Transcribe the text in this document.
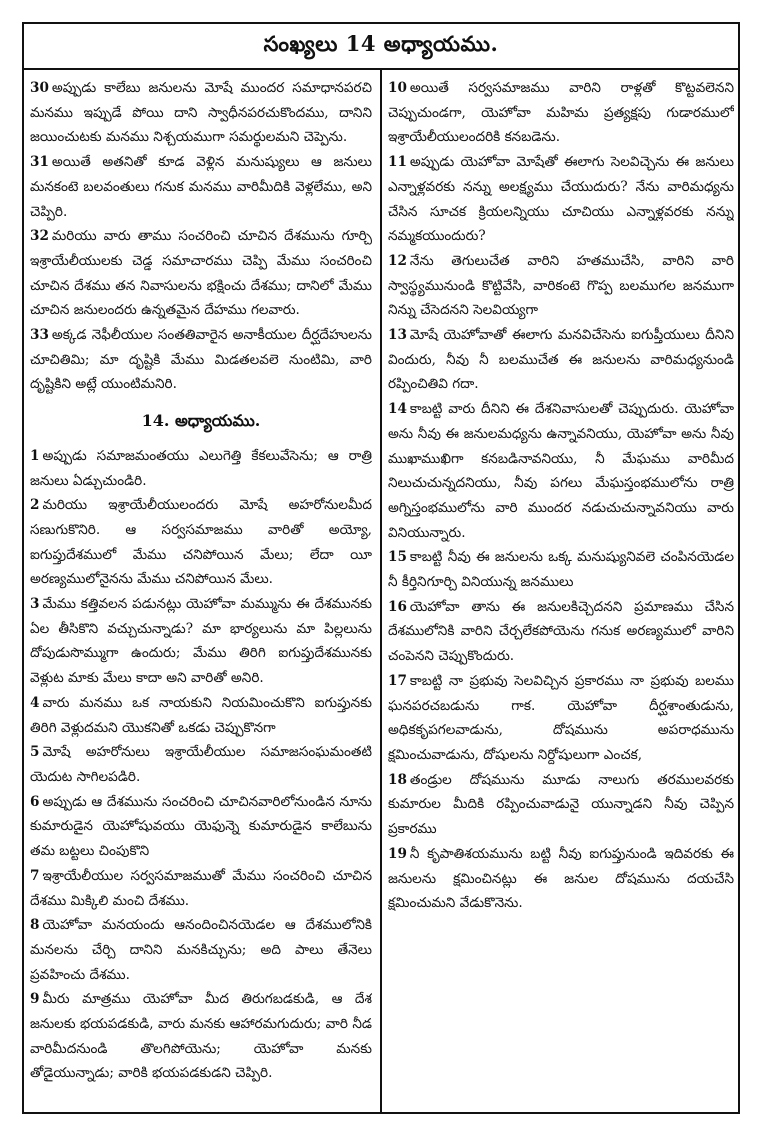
సంఖ్యలు 14 అధ్యాయము.

30 అప్పుడు కాలేబు జనులను మోషే ముందర సమాధానపరచి మనము ఇప్పుడే పోయి దాని స్వాధీనపరచుకొందము, దానిని జయించుటకు మనము నిశ్చయముగా సమర్థులమని చెప్పెను.

31 అయితే అతనితో కూడ వెళ్లిన మనుష్యులు ఆ జనులు మనకంటె బలవంతులు గనుక మనము వారిమీదికి వెళ్లలేము, అని చెప్పిరి.

32 మరియు వారు తాము సంచరించి చూచిన దేశమును గూర్చి ఇశ్రాయేలీయులకు చెడ్డ సమాచారము చెప్పి మేము సంచరించి చూచిన దేశము తన నివాసులను భక్షించు దేశము; దానిలో మేము చూచిన జనులందరు ఉన్నతమైన దేహము గలవారు.

33 అక్కడ నెఫీలీయుల సంతతివారైన అనాకీయుల దీర్ఘదేహులను చూచితిమి; మా దృష్టికి మేము మిడతలవలె నుంటిమి, వారి దృష్టికిని అట్లే యుంటిమనిరి.

14. అధ్యాయము.

1 అప్పుడు సమాజమంతయు ఎలుగెత్తి కేకలువేసెను; ఆ రాత్రి జనులు ఏడ్చుచుండిరి.

2 మరియు ఇశ్రాయేలీయులందరు మోషే అహరోనులమీద సణుగుకొనిరి. ఆ సర్వసమాజము వారితో అయ్యో, ఐగుప్తుదేశములో మేము చనిపోయిన మేలు; లేదా యీ అరణ్యములోనైనను మేము చనిపోయిన మేలు.

3 మేము కత్తివలన పడునట్లు యెహోవా మమ్మును ఈ దేశమునకు ఏల తీసికొని వచ్చుచున్నాడు? మా భార్యలును మా పిల్లలును దోపుడుసొమ్ముగా ఉందురు; మేము తిరిగి ఐగుప్తుదేశమునకు వెళ్లుట మాకు మేలు కాదా అని వారితో అనిరి.

4 వారు మనము ఒక నాయకుని నియమించుకొని ఐగుప్తునకు తిరిగి వెళ్లుదమని యొకనితో ఒకడు చెప్పుకొనగా

5 మోషే అహరోనులు ఇశ్రాయేలీయుల సమాజసంఘమంతటి యెదుట సాగిలపడిరి.

6 అప్పుడు ఆ దేశమును సంచరించి చూచినవారిలోనుండిన నూను కుమారుడైన యెహోషువయు యెఫున్నె కుమారుడైన కాలేబును తమ బట్టలు చింపుకొని

7 ఇశ్రాయేలీయుల సర్వసమాజముతో మేము సంచరించి చూచిన దేశము మిక్కిలి మంచి దేశము.

8 యెహోవా మనయందు ఆనందించినయెడల ఆ దేశములోనికి మనలను చేర్చి దానిని మనకిచ్చును; అది పాలు తేనెలు ప్రవహించు దేశము.

9 మీరు మాత్రము యెహోవా మీద తిరుగబడకుడి, ఆ దేశ జనులకు భయపడకుడి, వారు మనకు ఆహారమగుదురు; వారి నీడ వారిమీదనుండి తొలగిపోయెను; యెహోవా మనకు తోడైయున్నాడు; వారికి భయపడకుడని చెప్పిరి.

10 అయితే సర్వసమాజము వారిని రాళ్లతో కొట్టవలెనని చెప్పుచుండగా, యెహోవా మహిమ ప్రత్యక్షపు గుడారములో ఇశ్రాయేలీయులందరికి కనబడెను.

11 అప్పుడు యెహోవా మోషేతో ఈలాగు సెలవిచ్చెను ఈ జనులు ఎన్నాళ్లవరకు నన్ను అలక్ష్యము చేయుదురు? నేను వారిమధ్యను చేసిన సూచక క్రియలన్నియు చూచియు ఎన్నాళ్లవరకు నన్ను నమ్మకయుందురు?

12 నేను తెగులుచేత వారిని హతముచేసి, వారిని వారి స్వాస్థ్యమునుండి కొట్టివేసి, వారికంటె గొప్ప బలముగల జనముగా నిన్ను చేసెదనని సెలవియ్యగా

13 మోషే యెహోవాతో ఈలాగు మనవిచేసెను ఐగుప్తీయులు దీనిని విందురు, నీవు నీ బలముచేత ఈ జనులను వారిమధ్యనుండి రప్పించితివి గదా.

14 కాబట్టి వారు దీనిని ఈ దేశనివాసులతో చెప్పుదురు. యెహోవా అను నీవు ఈ జనులమధ్యను ఉన్నావనియు, యెహోవా అను నీవు ముఖాముఖిగా కనబడినావనియు, నీ మేఘము వారిమీద నిలుచుచున్నదనియు, నీవు పగలు మేఘస్తంభములోను రాత్రి అగ్నిస్తంభములోను వారి ముందర నడుచుచున్నావనియు వారు వినియున్నారు.

15 కాబట్టి నీవు ఈ జనులను ఒక్క మనుష్యునివలె చంపినయెడల నీ కీర్తినిగూర్చి వినియున్న జనములు

16 యెహోవా తాను ఈ జనులకిచ్చెదనని ప్రమాణము చేసిన దేశములోనికి వారిని చేర్చలేకపోయెను గనుక అరణ్యములో వారిని చంపెనని చెప్పుకొందురు.

17 కాబట్టి నా ప్రభువు సెలవిచ్చిన ప్రకారము నా ప్రభువు బలము ఘనపరచబడును గాక. యెహోవా దీర్ఘశాంతుడును, అధికకృపగలవాడును, దోషమును అపరాధమును క్షమించువాడును, దోషులను నిర్దోషులుగా ఎంచక,

18 తండ్రుల దోషమును మూడు నాలుగు తరములవరకు కుమారుల మీదికి రప్పించువాడునై యున్నాడని నీవు చెప్పిన ప్రకారము

19 నీ కృపాతిశయమును బట్టి నీవు ఐగుప్తునుండి ఇదివరకు ఈ జనులను క్షమించినట్లు ఈ జనుల దోషమును దయచేసి క్షమించుమని వేడుకొనెను.
